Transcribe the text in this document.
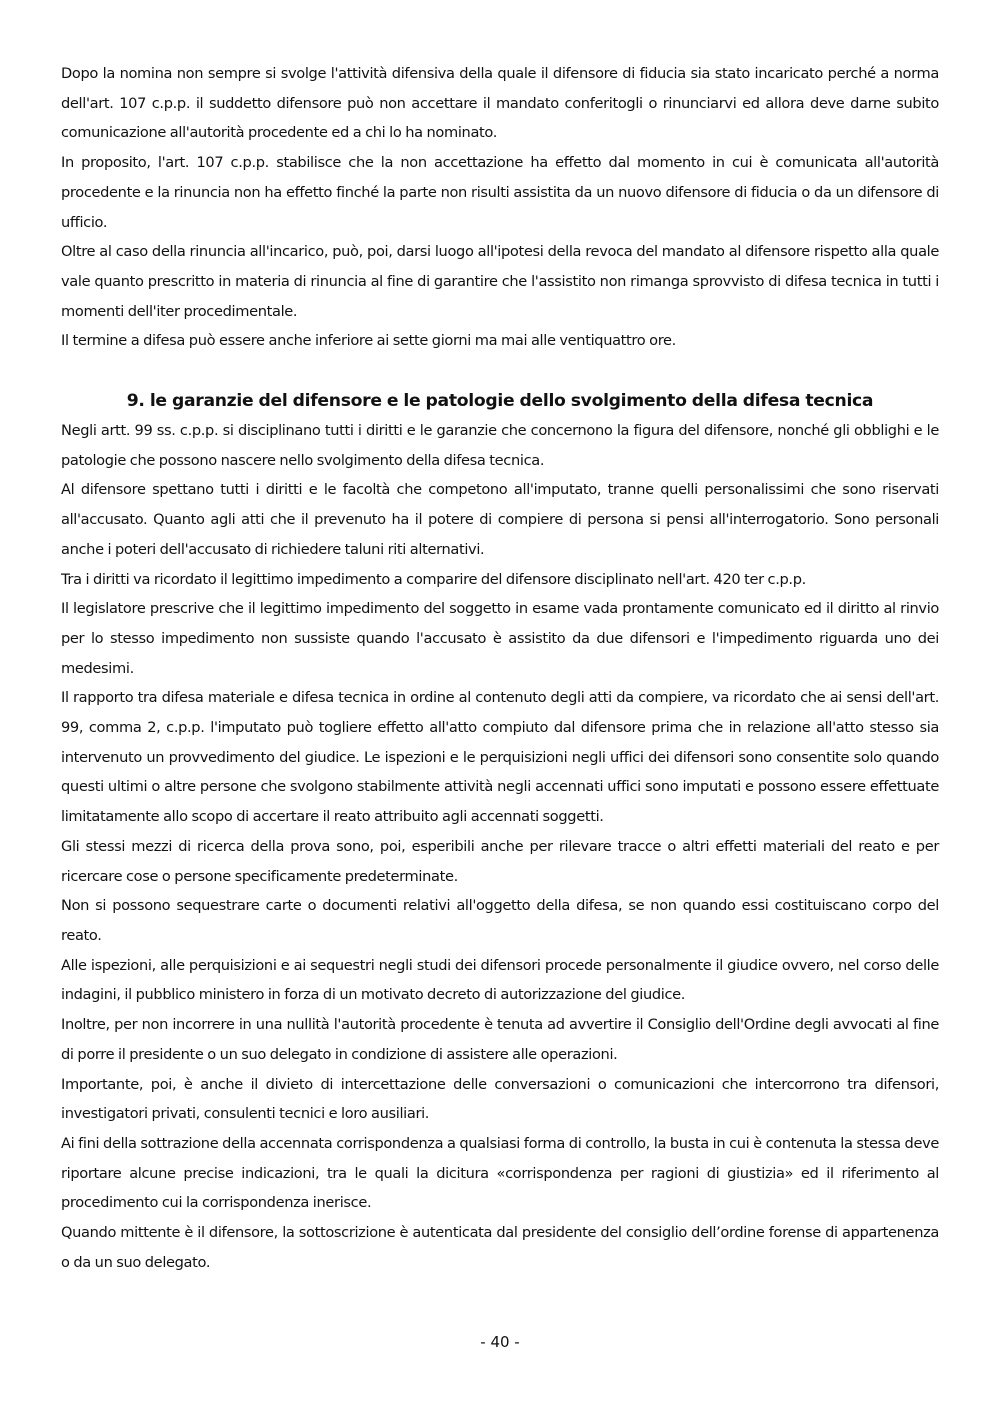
Dopo la nomina non sempre si svolge l'attività difensiva della quale il difensore di fiducia sia stato incaricato perché a norma dell'art. 107 c.p.p. il suddetto difensore può non accettare il mandato conferitogli o rinunciarvi ed allora deve darne subito comunicazione all'autorità procedente ed a chi lo ha nominato.

In proposito, l'art. 107 c.p.p. stabilisce che la non accettazione ha effetto dal momento in cui è comunicata all'autorità procedente e la rinuncia non ha effetto finché la parte non risulti assistita da un nuovo difensore di fiducia o da un difensore di ufficio.

Oltre al caso della rinuncia all'incarico, può, poi, darsi luogo all'ipotesi della revoca del mandato al difensore rispetto alla quale vale quanto prescritto in materia di rinuncia al fine di garantire che l'assistito non rimanga sprovvisto di difesa tecnica in tutti i momenti dell'iter procedimentale.

Il termine a difesa può essere anche inferiore ai sette giorni ma mai alle ventiquattro ore.

9. le garanzie del difensore e le patologie dello svolgimento della difesa tecnica

Negli artt. 99 ss. c.p.p. si disciplinano tutti i diritti e le garanzie che concernono la figura del difensore, nonché gli obblighi e le patologie che possono nascere nello svolgimento della difesa tecnica.

Al difensore spettano tutti i diritti e le facoltà che competono all'imputato, tranne quelli personalissimi che sono riservati all'accusato. Quanto agli atti che il prevenuto ha il potere di compiere di persona si pensi all'interrogatorio. Sono personali anche i poteri dell'accusato di richiedere taluni riti alternativi.

Tra i diritti va ricordato il legittimo impedimento a comparire del difensore disciplinato nell'art. 420 ter c.p.p.

Il legislatore prescrive che il legittimo impedimento del soggetto in esame vada prontamente comunicato ed il diritto al rinvio per lo stesso impedimento non sussiste quando l'accusato è assistito da due difensori e l'impedimento riguarda uno dei medesimi.

Il rapporto tra difesa materiale e difesa tecnica in ordine al contenuto degli atti da compiere, va ricordato che ai sensi dell'art. 99, comma 2, c.p.p. l'imputato può togliere effetto all'atto compiuto dal difensore prima che in relazione all'atto stesso sia intervenuto un provvedimento del giudice. Le ispezioni e le perquisizioni negli uffici dei difensori sono consentite solo quando questi ultimi o altre persone che svolgono stabilmente attività negli accennati uffici sono imputati e possono essere effettuate limitatamente allo scopo di accertare il reato attribuito agli accennati soggetti.

Gli stessi mezzi di ricerca della prova sono, poi, esperibili anche per rilevare tracce o altri effetti materiali del reato e per ricercare cose o persone specificamente predeterminate.

Non si possono sequestrare carte o documenti relativi all'oggetto della difesa, se non quando essi costituiscano corpo del reato.

Alle ispezioni, alle perquisizioni e ai sequestri negli studi dei difensori procede personalmente il giudice ovvero, nel corso delle indagini, il pubblico ministero in forza di un motivato decreto di autorizzazione del giudice.

Inoltre, per non incorrere in una nullità l'autorità procedente è tenuta ad avvertire il Consiglio dell'Ordine degli avvocati al fine di porre il presidente o un suo delegato in condizione di assistere alle operazioni.

Importante, poi, è anche il divieto di intercettazione delle conversazioni o comunicazioni che intercorrono tra difensori, investigatori privati, consulenti tecnici e loro ausiliari.

Ai fini della sottrazione della accennata corrispondenza a qualsiasi forma di controllo, la busta in cui è contenuta la stessa deve riportare alcune precise indicazioni, tra le quali la dicitura «corrispondenza per ragioni di giustizia» ed il riferimento al procedimento cui la corrispondenza inerisce.

Quando mittente è il difensore, la sottoscrizione è autenticata dal presidente del consiglio dell’ordine forense di appartenenza o da un suo delegato.

- 40 -
